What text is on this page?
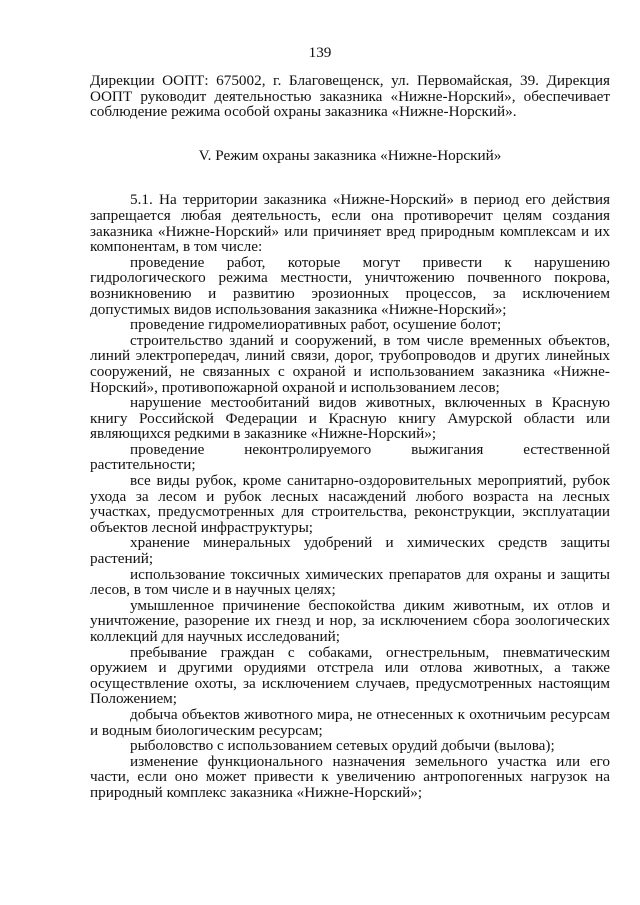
139

Дирекции ООПТ: 675002, г. Благовещенск, ул. Первомайская, 39. Дирекция ООПТ руководит деятельностью заказника «Нижне-Норский», обеспечивает соблюдение режима особой охраны заказника «Нижне-Норский».

V. Режим охраны заказника «Нижне-Норский»

5.1. На территории заказника «Нижне-Норский» в период его действия запрещается любая деятельность, если она противоречит целям создания заказника «Нижне-Норский» или причиняет вред природным комплексам и их компонентам, в том числе:

проведение работ, которые могут привести к нарушению гидрологического режима местности, уничтожению почвенного покрова, возникновению и развитию эрозионных процессов, за исключением допустимых видов использования заказника «Нижне-Норский»;

проведение гидромелиоративных работ, осушение болот;

строительство зданий и сооружений, в том числе временных объектов, линий электропередач, линий связи, дорог, трубопроводов и других линейных сооружений, не связанных с охраной и использованием заказника «Нижне-Норский», противопожарной охраной и использованием лесов;

нарушение местообитаний видов животных, включенных в Красную книгу Российской Федерации и Красную книгу Амурской области или являющихся редкими в заказнике «Нижне-Норский»;

проведение неконтролируемого выжигания естественной растительности;

все виды рубок, кроме санитарно-оздоровительных мероприятий, рубок ухода за лесом и рубок лесных насаждений любого возраста на лесных участках, предусмотренных для строительства, реконструкции, эксплуатации объектов лесной инфраструктуры;

хранение минеральных удобрений и химических средств защиты растений;

использование токсичных химических препаратов для охраны и защиты лесов, в том числе и в научных целях;

умышленное причинение беспокойства диким животным, их отлов и уничтожение, разорение их гнезд и нор, за исключением сбора зоологических коллекций для научных исследований;

пребывание граждан с собаками, огнестрельным, пневматическим оружием и другими орудиями отстрела или отлова животных, а также осуществление охоты, за исключением случаев, предусмотренных настоящим Положением;

добыча объектов животного мира, не отнесенных к охотничьим ресурсам и водным биологическим ресурсам;

рыболовство с использованием сетевых орудий добычи (вылова);

изменение функционального назначения земельного участка или его части, если оно может привести к увеличению антропогенных нагрузок на природный комплекс заказника «Нижне-Норский»;
